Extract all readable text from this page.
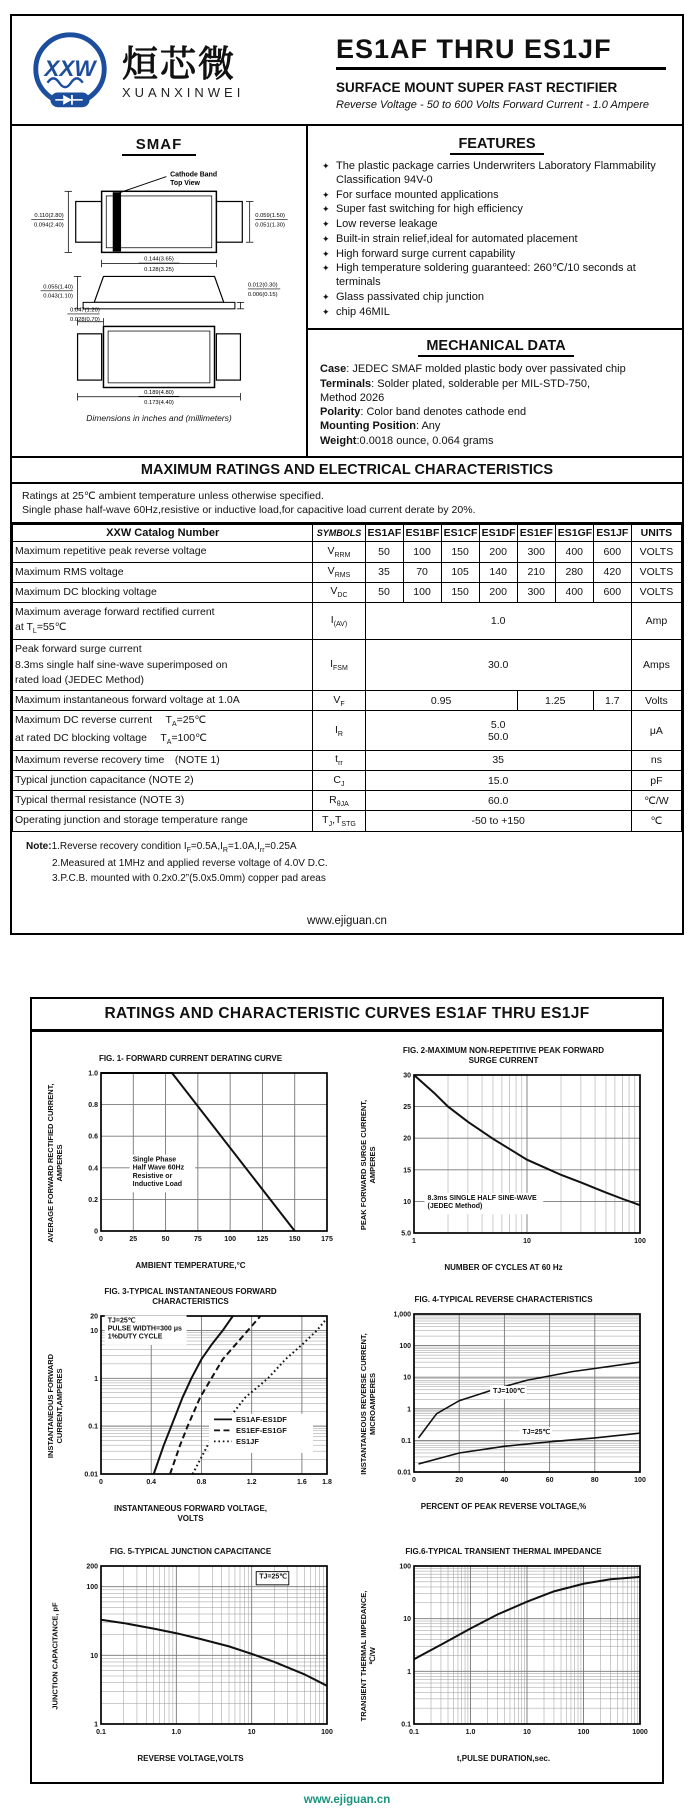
XXW 烜芯微
XUANXINWEI
ES1AF THRU ES1JF
SURFACE MOUNT SUPER FAST RECTIFIER
Reverse Voltage - 50 to 600 Volts Forward Current - 1.0 Ampere
SMAF
Cathode Band
Top View
0.110(2.80)
0.094(2.40)
0.059(1.50)
0.051(1.30)
0.144(3.65)
0.128(3.25)
0.055(1.40)
0.043(1.10)
0.012(0.30)
0.006(0.15)
0.047(1.20)
0.028(0.70)
0.189(4.80)
0.173(4.40)
Dimensions in inches and (millimeters)
FEATURES
✦ The plastic package carries Underwriters Laboratory Flammability Classification 94V-0
✦ For surface mounted applications
✦ Super fast switching for high efficiency
✦ Low reverse leakage
✦ Built-in strain relief,ideal for automated placement
✦ High forward surge current capability
✦ High temperature soldering guaranteed: 260℃/10 seconds at terminals
✦ Glass passivated chip junction
✦ chip 46MIL
MECHANICAL DATA
Case: JEDEC SMAF molded plastic body over passivated chip
Terminals: Solder plated, solderable per MIL-STD-750,
Method 2026
Polarity: Color band denotes cathode end
Mounting Position: Any
Weight:0.0018 ounce, 0.064 grams
MAXIMUM RATINGS AND ELECTRICAL CHARACTERISTICS
Ratings at 25℃ ambient temperature unless otherwise specified.
Single phase half-wave 60Hz,resistive or inductive load,for capacitive load current derate by 20%.
XXW Catalog Number	SYMBOLS	ES1AF	ES1BF	ES1CF	ES1DF	ES1EF	ES1GF	ES1JF	UNITS
Maximum repetitive peak reverse voltage	$V_{RRM}$	50	100	150	200	300	400	600	VOLTS
Maximum RMS voltage	$V_{RMS}$	35	70	105	140	210	280	420	VOLTS
Maximum DC blocking voltage	$V_{DC}$	50	100	150	200	300	400	600	VOLTS
Maximum average forward rectified current
at $T_L=55℃$	$I_{(AV)}$	1.0							Amp
Peak forward surge current
8.3ms single half sine-wave superimposed on
rated load (JEDEC Method)	$I_{FSM}$	30.0							Amps
Maximum instantaneous forward voltage at 1.0A	$V_F$	0.95				1.25		1.7	Volts
Maximum DC reverse current  $T_A=25℃$
at rated DC blocking voltage  $T_A=100℃$	$I_R$	5.0
50.0							μA
Maximum reverse recovery time (NOTE 1)	$t_{rr}$	35							ns
Typical junction capacitance (NOTE 2)	$C_J$	15.0							pF
Typical thermal resistance (NOTE 3)	$R_{\theta JA}$	60.0							℃/W
Operating junction and storage temperature range	$T_J,T_{STG}$	-50 to +150							℃
Note:1.Reverse recovery condition $I_F=0.5A,I_R=1.0A,I_{rr}=0.25A$
2.Measured at 1MHz and applied reverse voltage of 4.0V D.C.
3.P.C.B. mounted with 0.2x0.2”(5.0x5.0mm) copper pad areas
www.ejiguan.cn
RATINGS AND CHARACTERISTIC CURVES ES1AF THRU ES1JF
FIG. 1- FORWARD CURRENT DERATING CURVE
AVERAGE FORWARD RECTIFIED CURRENT,
AMPERES
0	25	50	75	100	125	150	175
0
0.2
0.4
0.6
0.8
1.0
Single Phase
Half Wave 60Hz
Resistive or
Inductive Load
AMBIENT TEMPERATURE,°C
FIG. 2-MAXIMUM NON-REPETITIVE PEAK FORWARD
SURGE CURRENT
PEAK FORWARD SURGE CURRENT,
AMPERES
1	10	100
5.0
10
15
20
25
30
8.3ms SINGLE HALF SINE-WAVE
(JEDEC Method)
NUMBER OF CYCLES AT 60 Hz
FIG. 3-TYPICAL INSTANTANEOUS FORWARD
CHARACTERISTICS
INSTANTANEOUS FORWARD
CURRENT,AMPERES
0	0.4	0.8	1.2	1.6 1.8
0.01
0.1
1
10
20
TJ=25℃
PULSE WIDTH=300 μs
1%DUTY CYCLE
ES1AF-ES1DF
ES1EF-ES1GF
ES1JF
INSTANTANEOUS FORWARD VOLTAGE,
VOLTS
FIG. 4-TYPICAL REVERSE CHARACTERISTICS
INSTANTANEOUS REVERSE CURRENT,
MICROAMPERES
0	20	40	60	80	100
0.01
0.1
1
10
100
1,000
TJ=100℃
TJ=25℃
PERCENT OF PEAK REVERSE VOLTAGE,%
FIG. 5-TYPICAL JUNCTION CAPACITANCE
JUNCTION CAPACITANCE, pF
0.1	1.0	10	100
1
10
100
200
TJ=25℃
REVERSE VOLTAGE,VOLTS
FIG.6-TYPICAL TRANSIENT THERMAL IMPEDANCE
TRANSIENT THERMAL IMPEDANCE,
℃/W
0.1	1.0	10	100	1000
0.1
1
10
100
t,PULSE DURATION,sec.
www.ejiguan.cn
